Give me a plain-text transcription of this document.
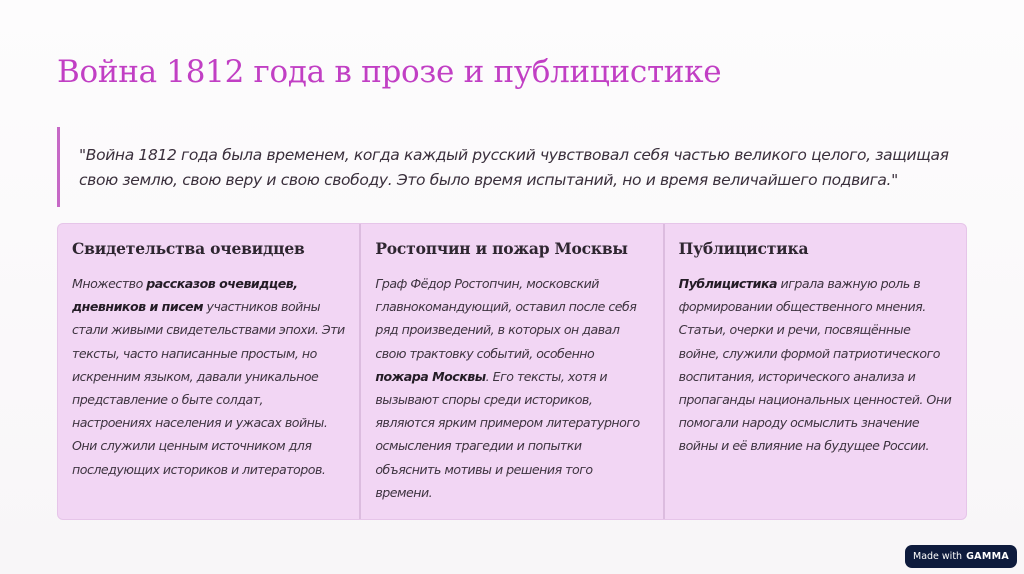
Война 1812 года в прозе и публицистике

"Война 1812 года была временем, когда каждый русский чувствовал себя частью великого целого, защищая свою землю, свою веру и свою свободу. Это было время испытаний, но и время величайшего подвига."

Свидетельства очевидцев

Множество рассказов очевидцев, дневников и писем участников войны стали живыми свидетельствами эпохи. Эти тексты, часто написанные простым, но искренним языком, давали уникальное представление о быте солдат, настроениях населения и ужасах войны. Они служили ценным источником для последующих историков и литераторов.

Ростопчин и пожар Москвы

Граф Фёдор Ростопчин, московский главнокомандующий, оставил после себя ряд произведений, в которых он давал свою трактовку событий, особенно пожара Москвы. Его тексты, хотя и вызывают споры среди историков, являются ярким примером литературного осмысления трагедии и попытки объяснить мотивы и решения того времени.

Публицистика

Публицистика играла важную роль в формировании общественного мнения. Статьи, очерки и речи, посвящённые войне, служили формой патриотического воспитания, исторического анализа и пропаганды национальных ценностей. Они помогали народу осмыслить значение войны и её влияние на будущее России.

Made with GAMMA
